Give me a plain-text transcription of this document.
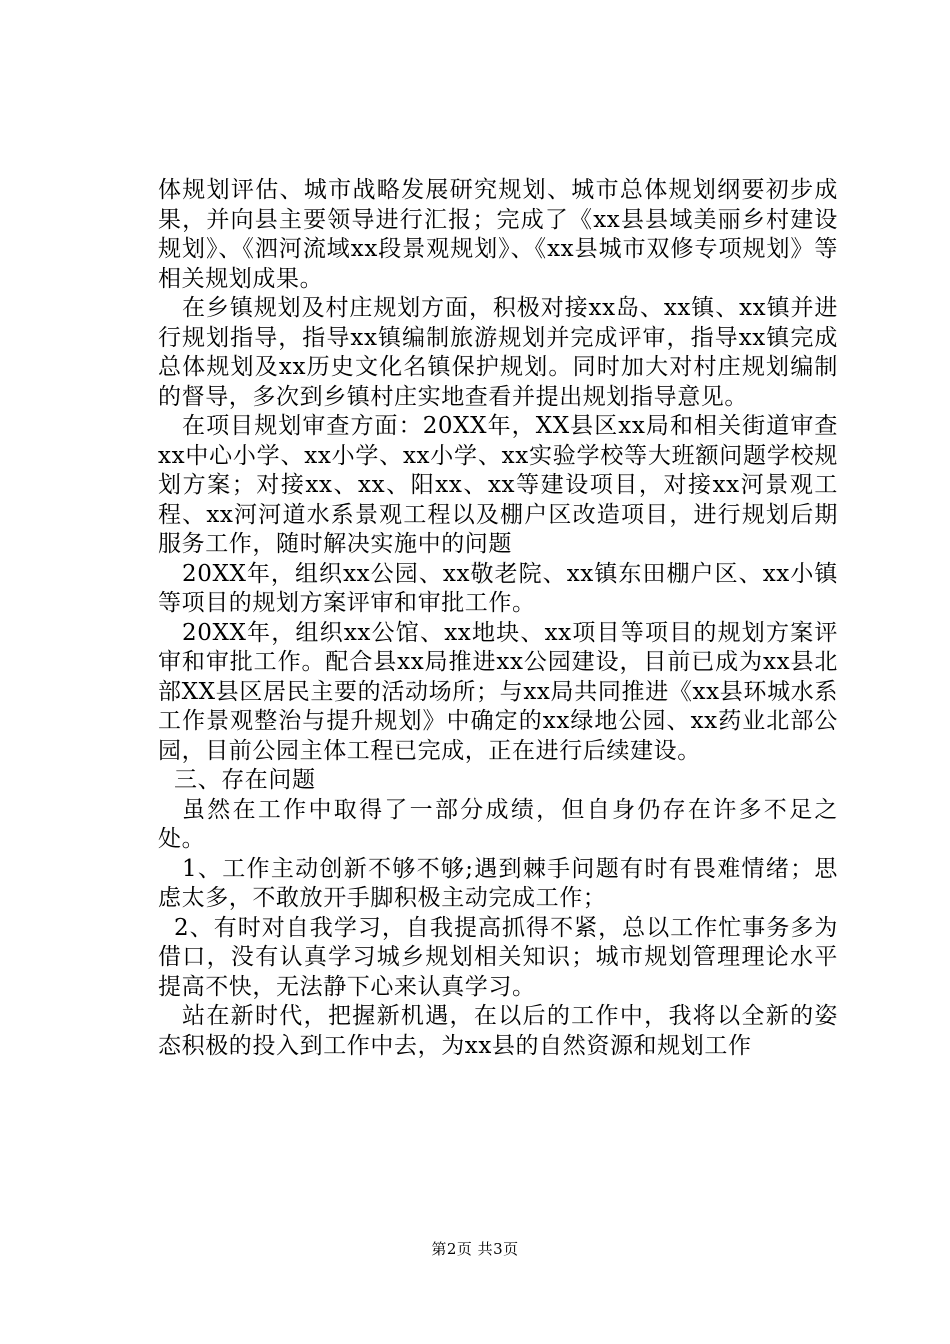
体规划评估、城市战略发展研究规划、城市总体规划纲要初步成果，并向县主要领导进行汇报；完成了《xx县县域美丽乡村建设规划》、《泗河流域xx段景观规划》、《xx县城市双修专项规划》等相关规划成果。

在乡镇规划及村庄规划方面，积极对接xx岛、xx镇、xx镇并进行规划指导，指导xx镇编制旅游规划并完成评审，指导xx镇完成总体规划及xx历史文化名镇保护规划。同时加大对村庄规划编制的督导，多次到乡镇村庄实地查看并提出规划指导意见。

在项目规划审查方面：20XX年，XX县区xx局和相关街道审查xx中心小学、xx小学、xx小学、xx实验学校等大班额问题学校规划方案；对接xx、xx、阳xx、xx等建设项目，对接xx河景观工程、xx河河道水系景观工程以及棚户区改造项目，进行规划后期服务工作，随时解决实施中的问题

20XX年，组织xx公园、xx敬老院、xx镇东田棚户区、xx小镇等项目的规划方案评审和审批工作。

20XX年，组织xx公馆、xx地块、xx项目等项目的规划方案评审和审批工作。配合县xx局推进xx公园建设，目前已成为xx县北部XX县区居民主要的活动场所；与xx局共同推进《xx县环城水系工作景观整治与提升规划》中确定的xx绿地公园、xx药业北部公园，目前公园主体工程已完成，正在进行后续建设。

三、存在问题

虽然在工作中取得了一部分成绩，但自身仍存在许多不足之处。

1、工作主动创新不够不够;遇到棘手问题有时有畏难情绪；思虑太多，不敢放开手脚积极主动完成工作；

2、有时对自我学习，自我提高抓得不紧，总以工作忙事务多为借口，没有认真学习城乡规划相关知识；城市规划管理理论水平提高不快，无法静下心来认真学习。

站在新时代，把握新机遇，在以后的工作中，我将以全新的姿态积极的投入到工作中去，为xx县的自然资源和规划工作

第2页 共3页
